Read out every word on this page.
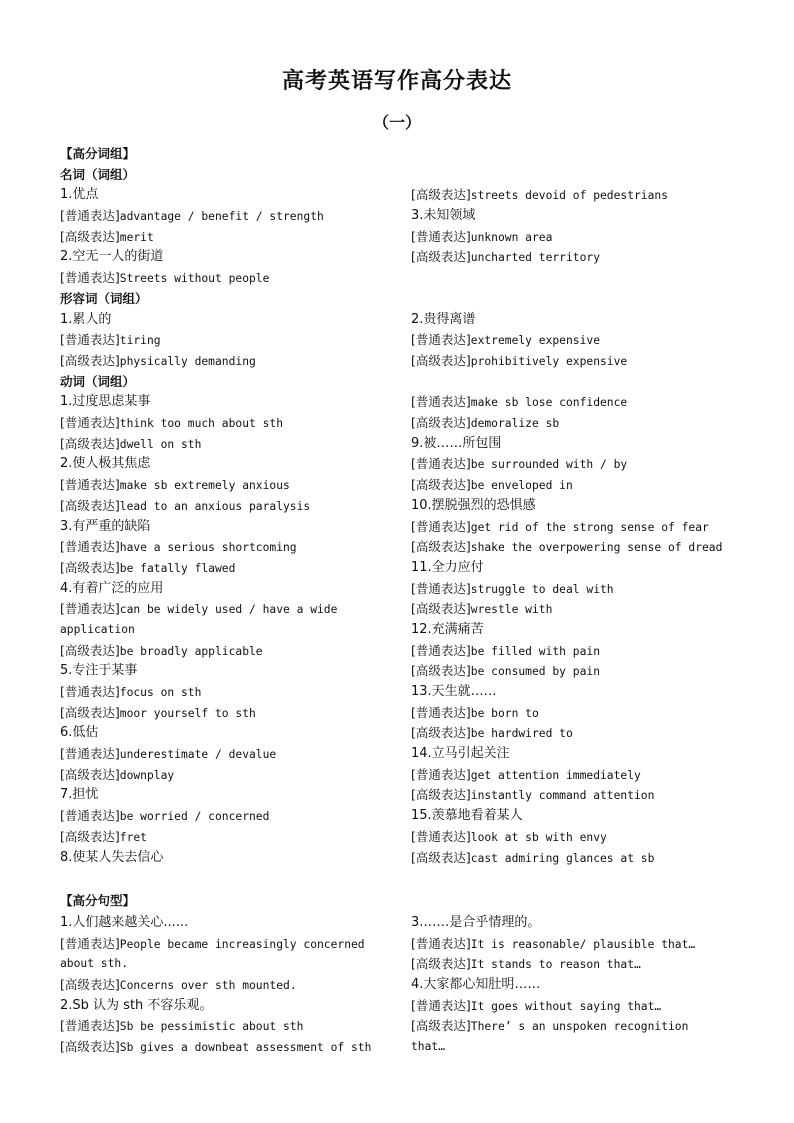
高考英语写作高分表达
（一）
【高分词组】
名词（词组）
1.优点
[普通表达]advantage / benefit / strength
[高级表达]merit
2.空无一人的街道
[普通表达]Streets without people
[高级表达]streets devoid of pedestrians
3.未知领域
[普通表达]unknown area
[高级表达]uncharted territory
形容词（词组）
1.累人的
[普通表达]tiring
[高级表达]physically demanding
2.贵得离谱
[普通表达]extremely expensive
[高级表达]prohibitively expensive
动词（词组）
1.过度思虑某事
[普通表达]think too much about sth
[高级表达]dwell on sth
2.使人极其焦虑
[普通表达]make sb extremely anxious
[高级表达]lead to an anxious paralysis
3.有严重的缺陷
[普通表达]have a serious shortcoming
[高级表达]be fatally flawed
4.有着广泛的应用
[普通表达]can be widely used / have a wide
application
[高级表达]be broadly applicable
5.专注于某事
[普通表达]focus on sth
[高级表达]moor yourself to sth
6.低估
[普通表达]underestimate / devalue
[高级表达]downplay
7.担忧
[普通表达]be worried / concerned
[高级表达]fret
8.使某人失去信心
[普通表达]make sb lose confidence
[高级表达]demoralize sb
9.被……所包围
[普通表达]be surrounded with / by
[高级表达]be enveloped in
10.摆脱强烈的恐惧感
[普通表达]get rid of the strong sense of fear
[高级表达]shake the overpowering sense of dread
11.全力应付
[普通表达]struggle to deal with
[高级表达]wrestle with
12.充满痛苦
[普通表达]be filled with pain
[高级表达]be consumed by pain
13.天生就……
[普通表达]be born to
[高级表达]be hardwired to
14.立马引起关注
[普通表达]get attention immediately
[高级表达]instantly command attention
15.羡慕地看着某人
[普通表达]look at sb with envy
[高级表达]cast admiring glances at sb
【高分句型】
1.人们越来越关心......
[普通表达]People became increasingly concerned
about sth.
[高级表达]Concerns over sth mounted.
2.Sb 认为 sth 不容乐观。
[普通表达]Sb be pessimistic about sth
[高级表达]Sb gives a downbeat assessment of sth
3.……是合乎情理的。
[普通表达]It is reasonable/ plausible that…
[高级表达]It stands to reason that…
4.大家都心知肚明……
[普通表达]It goes without saying that…
[高级表达]There’ s an unspoken recognition
that…
